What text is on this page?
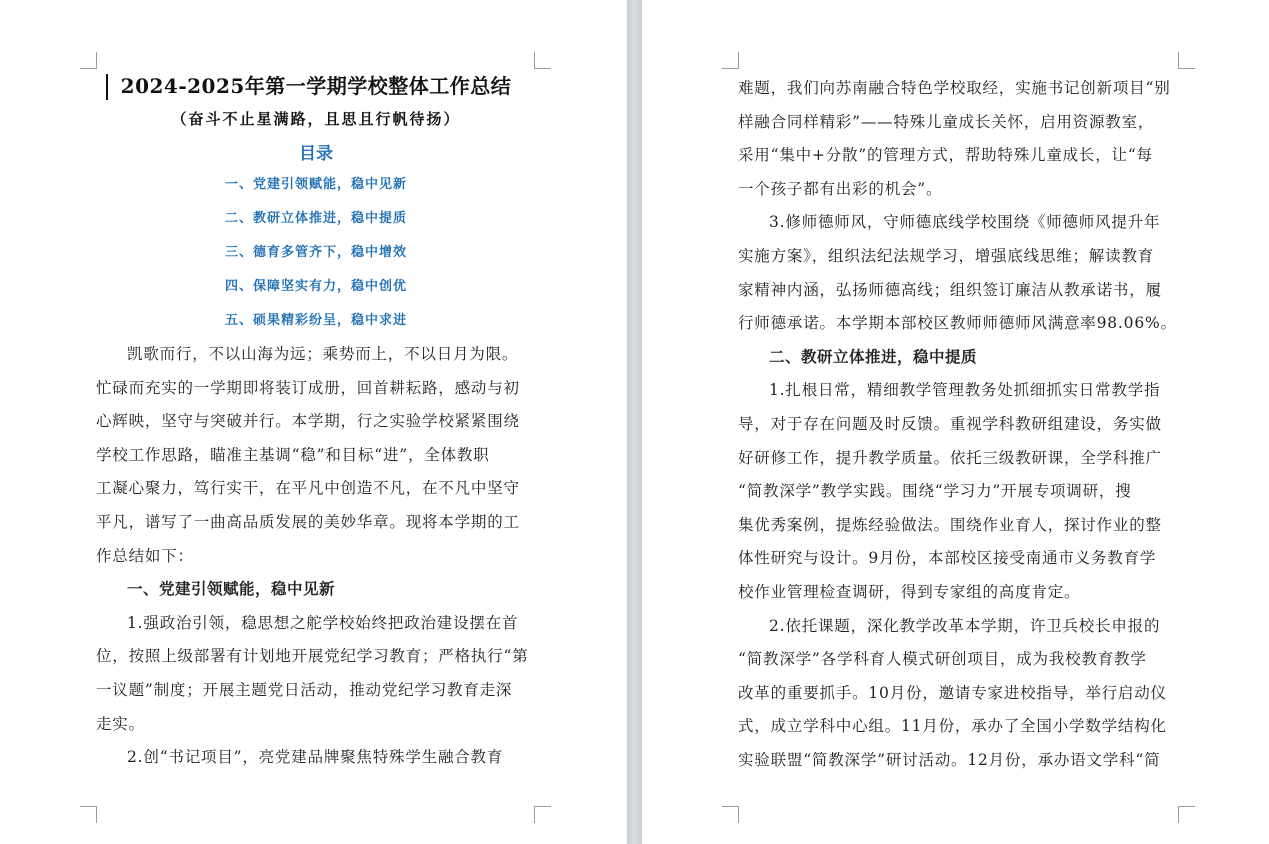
2024-2025年第一学期学校整体工作总结
（奋斗不止星满路，且思且行帆待扬）
目录
一、党建引领赋能，稳中见新
二、教研立体推进，稳中提质
三、德育多管齐下，稳中增效
四、保障坚实有力，稳中创优
五、硕果精彩纷呈，稳中求进

凯歌而行，不以山海为远；乘势而上，不以日月为限。

忙碌而充实的一学期即将装订成册，回首耕耘路，感动与初

心辉映，坚守与突破并行。本学期，行之实验学校紧紧围绕

学校工作思路，瞄准主基调“稳”和目标“进”，全体教职

工凝心聚力，笃行实干，在平凡中创造不凡，在不凡中坚守

平凡，谱写了一曲高品质发展的美妙华章。现将本学期的工

作总结如下：

一、党建引领赋能，稳中见新

1.强政治引领，稳思想之舵学校始终把政治建设摆在首

位，按照上级部署有计划地开展党纪学习教育；严格执行“第

一议题”制度；开展主题党日活动，推动党纪学习教育走深

走实。

2.创“书记项目”，亮党建品牌聚焦特殊学生融合教育

难题，我们向苏南融合特色学校取经，实施书记创新项目“别

样融合同样精彩”——特殊儿童成长关怀，启用资源教室，

采用“集中+分散”的管理方式，帮助特殊儿童成长，让“每

一个孩子都有出彩的机会”。

3.修师德师风，守师德底线学校围绕《师德师风提升年

实施方案》，组织法纪法规学习，增强底线思维；解读教育

家精神内涵，弘扬师德高线；组织签订廉洁从教承诺书，履

行师德承诺。本学期本部校区教师师德师风满意率98.06%。

二、教研立体推进，稳中提质

1.扎根日常，精细教学管理教务处抓细抓实日常教学指

导，对于存在问题及时反馈。重视学科教研组建设，务实做

好研修工作，提升教学质量。依托三级教研课，全学科推广

“简教深学”教学实践。围绕“学习力”开展专项调研，搜

集优秀案例，提炼经验做法。围绕作业育人，探讨作业的整

体性研究与设计。9月份，本部校区接受南通市义务教育学

校作业管理检查调研，得到专家组的高度肯定。

2.依托课题，深化教学改革本学期，许卫兵校长申报的

“简教深学”各学科育人模式研创项目，成为我校教育教学

改革的重要抓手。10月份，邀请专家进校指导，举行启动仪

式，成立学科中心组。11月份，承办了全国小学数学结构化

实验联盟“简教深学”研讨活动。12月份，承办语文学科“简
